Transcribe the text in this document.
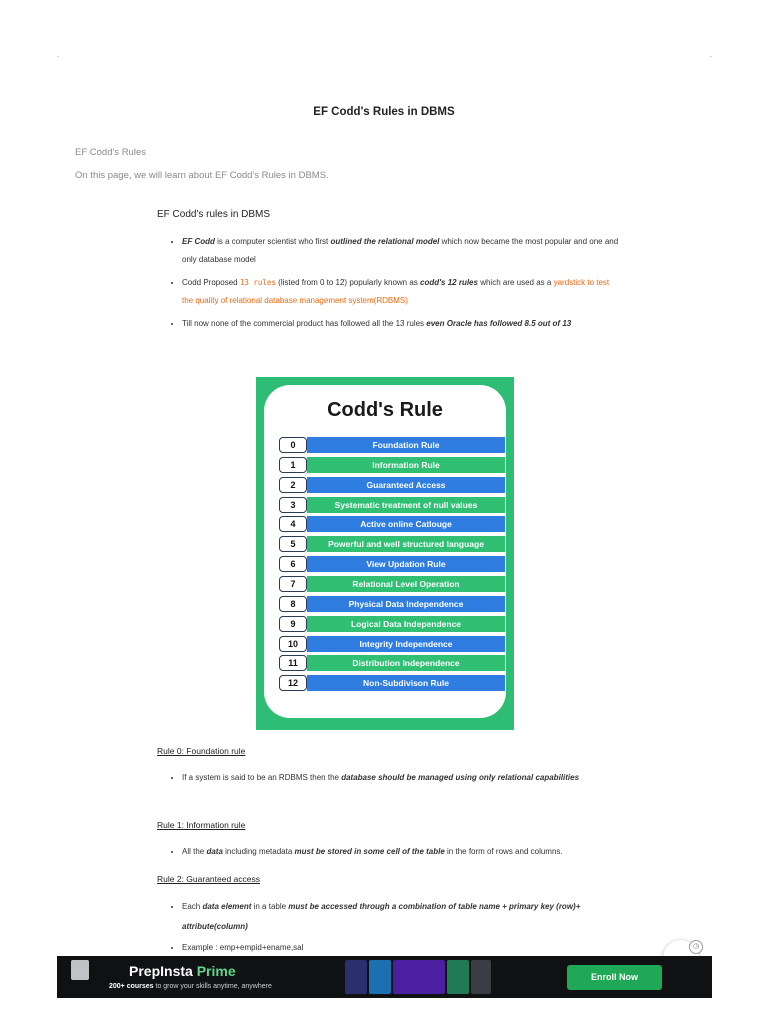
EF Codd's Rules in DBMS
EF Codd's Rules
On this page, we will learn about EF Codd's Rules in DBMS.
EF Codd's rules in DBMS
• EF Codd is a computer scientist who first outlined the relational model which now became the most popular and one and only database model
• Codd Proposed 13 rules (listed from 0 to 12) popularly known as codd's 12 rules which are used as a yardstick to test the quality of relational database management system(RDBMS)
• Till now none of the commercial product has followed all the 13 rules even Oracle has followed 8.5 out of 13
Codd's Rule
0	Foundation Rule
1	Information Rule
2	Guaranteed Access
3	Systematic treatment of null values
4	Active online Catlouge
5	Powerful and well structured language
6	View Updation Rule
7	Relational Level Operation
8	Physical Data Independence
9	Logical Data Independence
10	Integrity Independence
11	Distribution Independence
12	Non-Subdivison Rule
Rule 0: Foundation rule
• If a system is said to be an RDBMS then the database should be managed using only relational capabilities
Rule 1: Information rule
• All the data including metadata must be stored in some cell of the table in the form of rows and columns.
Rule 2: Guaranteed access
• Each data element in a table must be accessed through a combination of table name + primary key (row)+ attribute(column)
• Example : emp+empid+ename,sal	◷
PrepInsta Prime
200+ courses to grow your skills anytime, anywhere
Enroll Now
